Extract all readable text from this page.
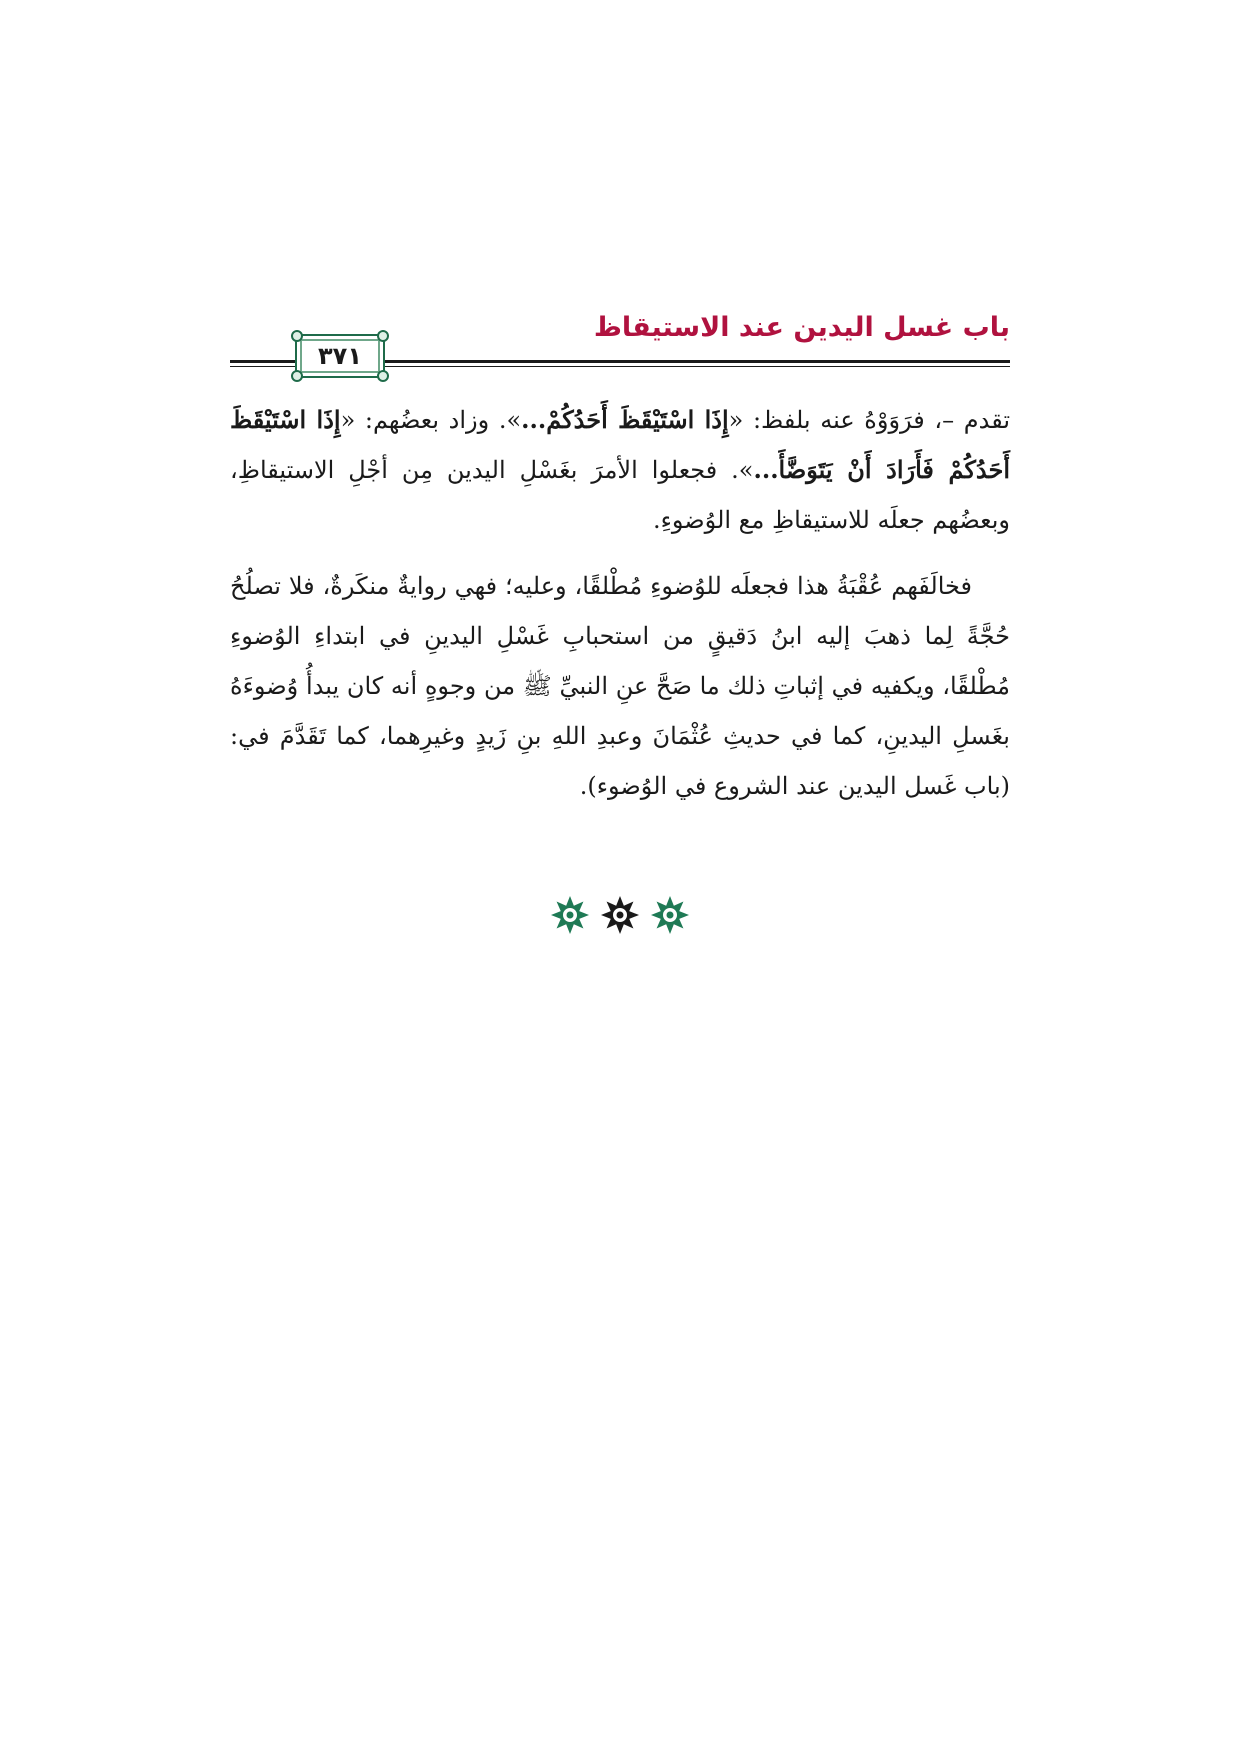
باب غسل اليدين عند الاستيقاظ
٣٧١

تقدم –، فرَوَوْهُ عنه بلفظ: «إِذَا اسْتَيْقَظَ أَحَدُكُمْ...». وزاد بعضُهم: «إِذَا اسْتَيْقَظَ أَحَدُكُمْ فَأَرَادَ أَنْ يَتَوَضَّأَ...». فجعلوا الأمرَ بغَسْلِ اليدين مِن أجْلِ الاستيقاظِ، وبعضُهم جعلَه للاستيقاظِ مع الوُضوءِ.

فخالَفَهم عُقْبَةُ هذا فجعلَه للوُضوءِ مُطْلقًا، وعليه؛ فهي روايةٌ منكَرةٌ، فلا تصلُحُ حُجَّةً لِما ذهبَ إليه ابنُ دَقيقٍ من استحبابِ غَسْلِ اليدينِ في ابتداءِ الوُضوءِ مُطْلقًا، ويكفيه في إثباتِ ذلك ما صَحَّ عنِ النبيِّ ﷺ من وجوهٍ أنه كان يبدأُ وُضوءَهُ بغَسلِ اليدينِ، كما في حديثِ عُثْمَانَ وعبدِ اللهِ بنِ زَيدٍ وغيرِهما، كما تَقَدَّمَ في: (باب غَسل اليدين عند الشروع في الوُضوء).
